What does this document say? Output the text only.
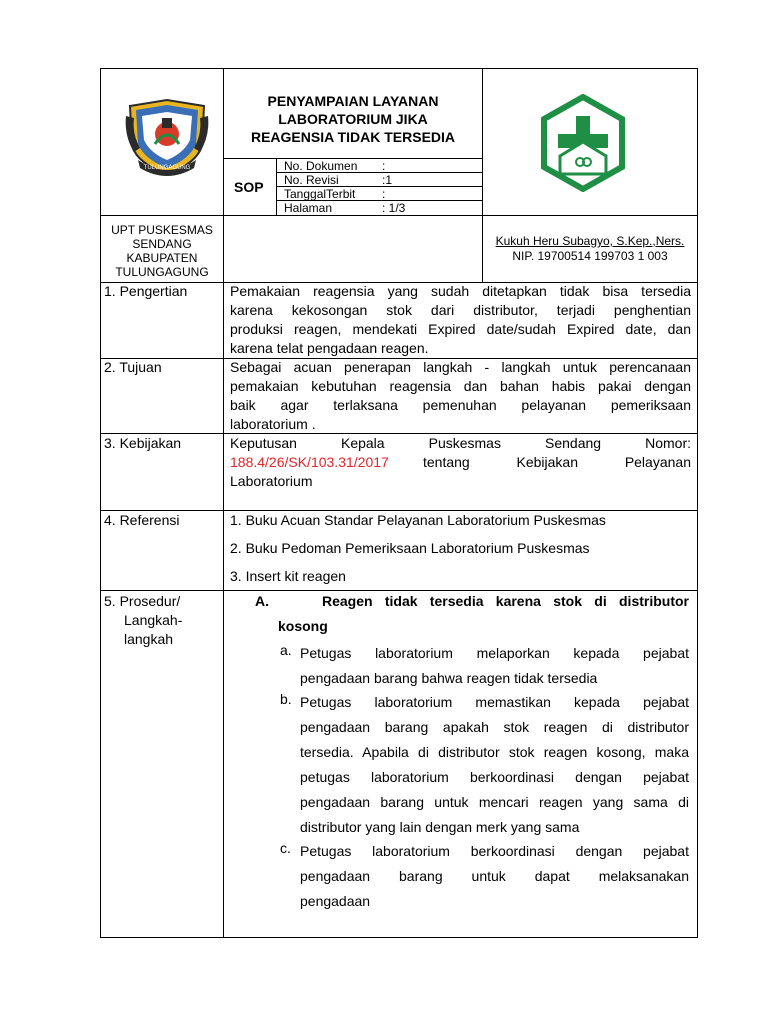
TULUNGAGUNG
PENYAMPAIAN LAYANAN
LABORATORIUM JIKA
REAGENSIA TIDAK TERSEDIA
SOP
No. Dokumen :
No. Revisi	:1
TanggalTerbit :
Halaman	: 1/3
UPT PUSKESMAS
SENDANG
KABUPATEN
TULUNGAGUNG
Kukuh Heru Subagyo, S.Kep.,Ners.
NIP. 19700514 199703 1 003
1. Pengertian	Pemakaian reagensia yang sudah ditetapkan tidak bisa tersedia
karena kekosongan stok dari distributor, terjadi penghentian
produksi reagen, mendekati Expired date/sudah Expired date, dan
karena telat pengadaan reagen.
2. Tujuan	Sebagai acuan penerapan langkah - langkah untuk perencanaan
pemakaian kebutuhan reagensia dan bahan habis pakai dengan
baik agar terlaksana pemenuhan pelayanan pemeriksaan
laboratorium .
3. Kebijakan	Keputusan Kepala Puskesmas Sendang Nomor:
188.4/26/SK/103.31/2017 tentang	Kebijakan	Pelayanan
Laboratorium
4. Referensi	1. Buku Acuan Standar Pelayanan Laboratorium Puskesmas
2. Buku Pedoman Pemeriksaan Laboratorium Puskesmas
3. Insert kit reagen
5. Prosedur/
Langkah-
langkah
A.	Reagen tidak tersedia karena stok di distributor
kosong
a. Petugas laboratorium melaporkan kepada pejabat
pengadaan barang bahwa reagen tidak tersedia
b. Petugas laboratorium memastikan kepada pejabat
pengadaan barang apakah stok reagen di distributor
tersedia. Apabila di distributor stok reagen kosong, maka
petugas laboratorium berkoordinasi dengan pejabat
pengadaan barang untuk mencari reagen yang sama di
distributor yang lain dengan merk yang sama
c. Petugas laboratorium berkoordinasi dengan pejabat
pengadaan barang untuk dapat melaksanakan
pengadaan
